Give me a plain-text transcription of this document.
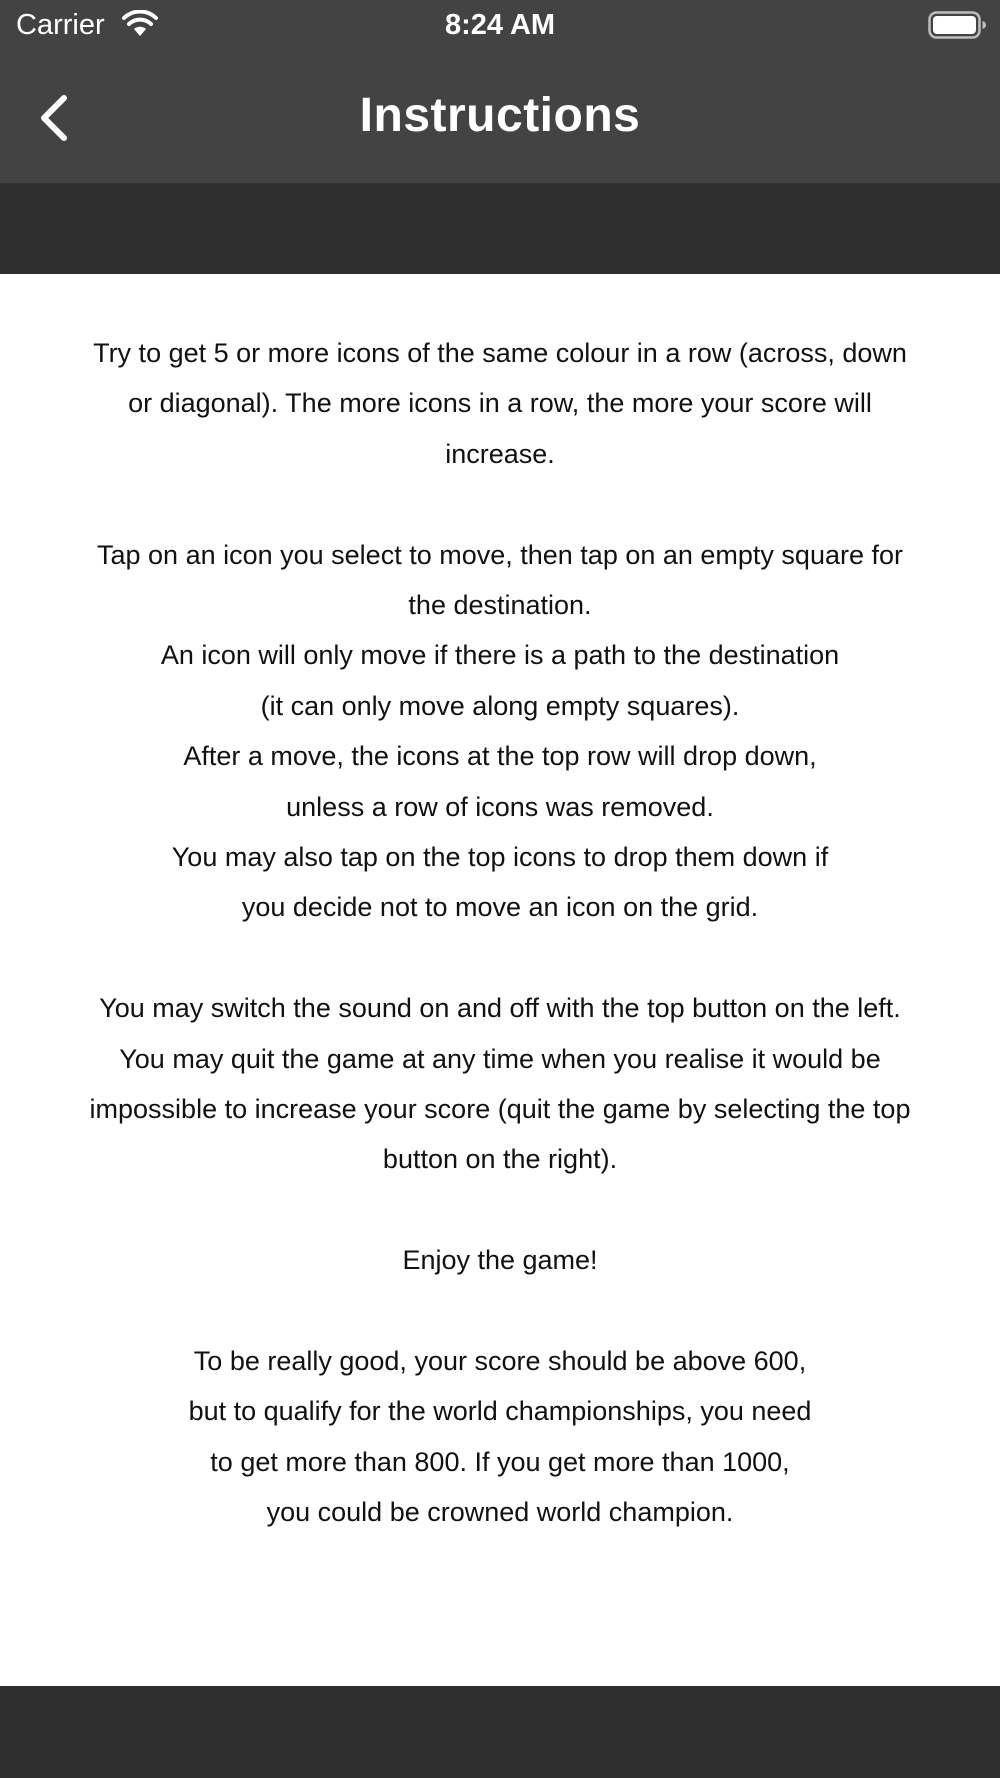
Carrier	8:24 AM
Instructions
Try to get 5 or more icons of the same colour in a row (across, down
or diagonal). The more icons in a row, the more your score will
increase.
Tap on an icon you select to move, then tap on an empty square for
the destination.
An icon will only move if there is a path to the destination
(it can only move along empty squares).
After a move, the icons at the top row will drop down,
unless a row of icons was removed.
You may also tap on the top icons to drop them down if
you decide not to move an icon on the grid.
You may switch the sound on and off with the top button on the left.
You may quit the game at any time when you realise it would be
impossible to increase your score (quit the game by selecting the top
button on the right).
Enjoy the game!
To be really good, your score should be above 600,
but to qualify for the world championships, you need
to get more than 800. If you get more than 1000,
you could be crowned world champion.
